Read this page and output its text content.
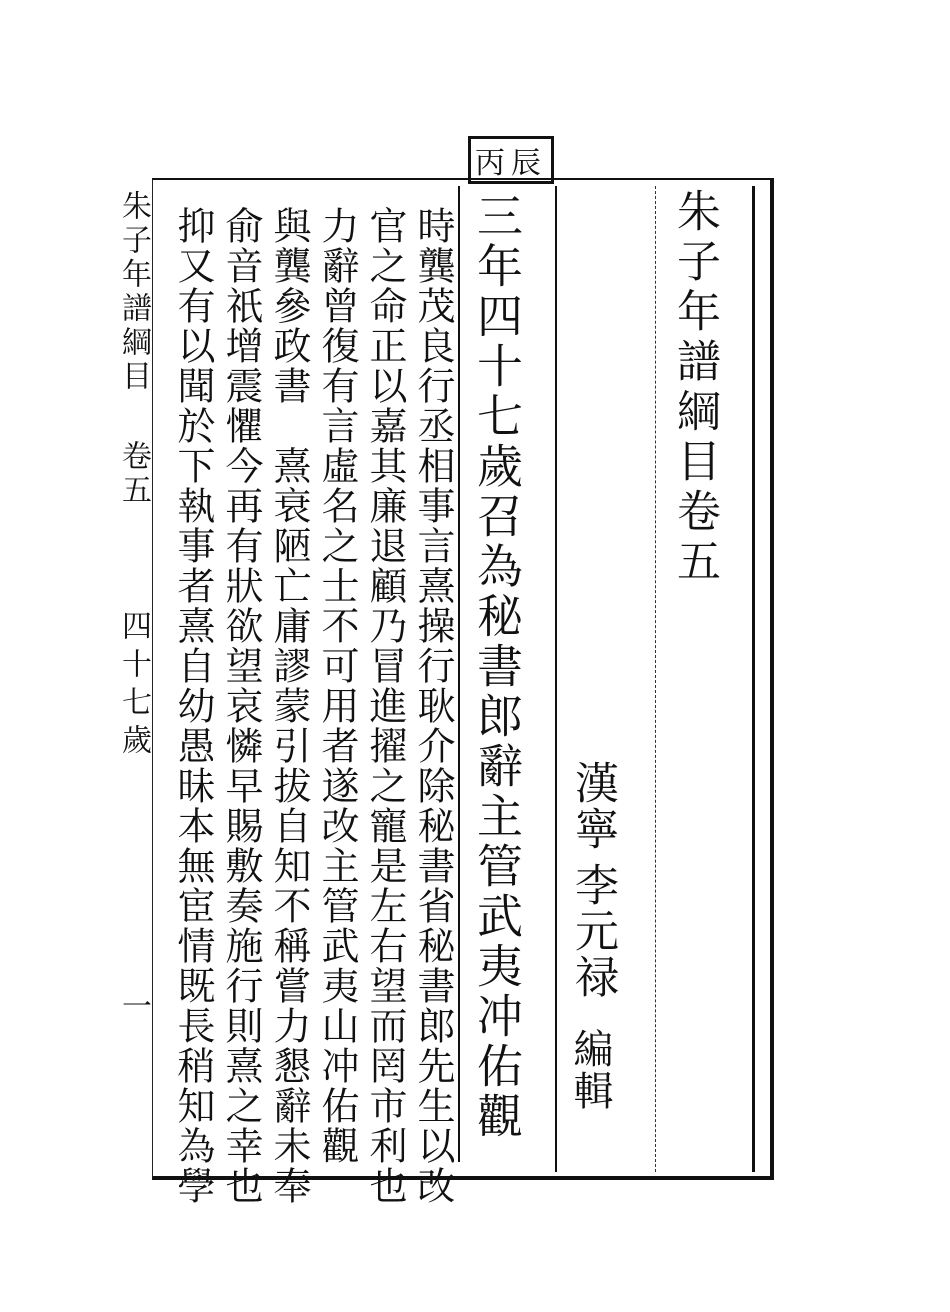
朱子年譜綱目卷五
漢寧
李元禄
編輯
丙辰
三年四十七歲召為秘書郎辭主管武夷冲佑觀
時龔茂良行丞相事言熹操行耿介除秘書省秘書郎先生以改
官之命正以嘉其廉退顧乃冒進擢之寵是左右望而罔市利也
力辭曾復有言虛名之士不可用者遂改主管武夷山冲佑觀
與龔參政書　熹衰陋亡庸謬蒙引拔自知不稱嘗力懇辭未奉
俞音祇增震懼今再有狀欲望哀憐早賜敷奏施行則熹之幸也
抑又有以聞於下執事者熹自幼愚昧本無宦情既長稍知為學
朱子年譜綱目
卷五
四十七歲
一
